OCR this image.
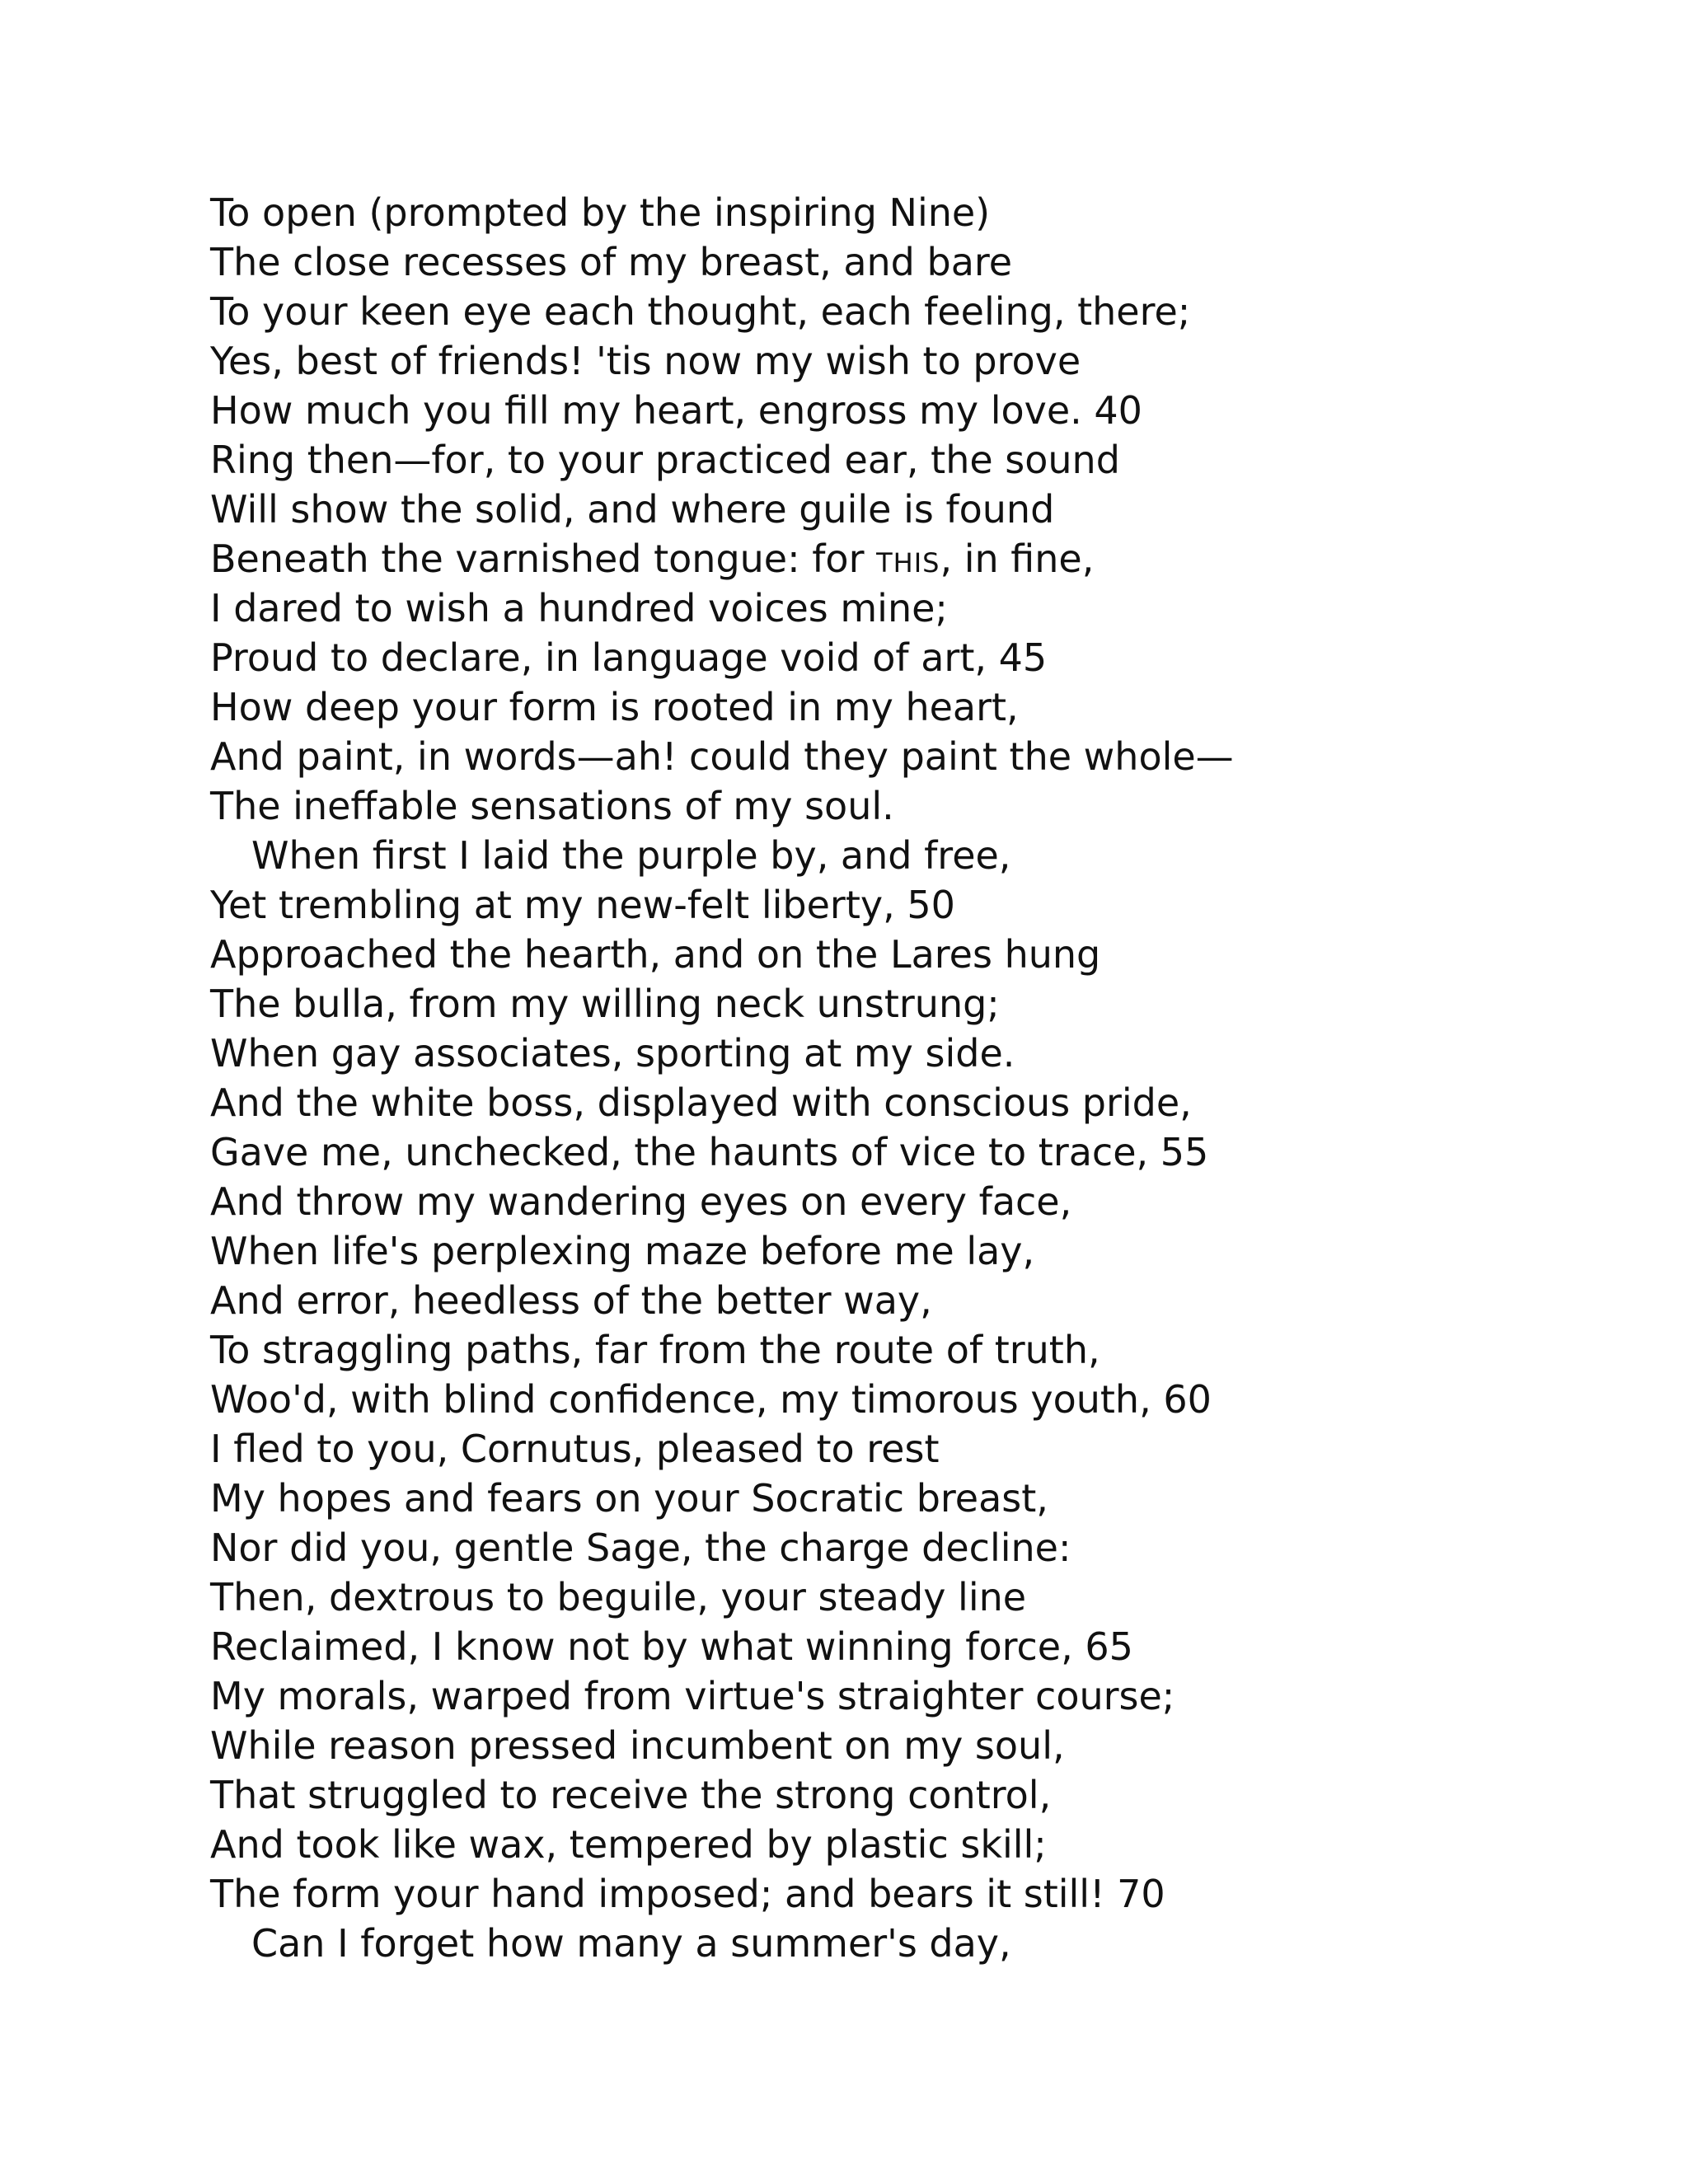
To open (prompted by the inspiring Nine)
The close recesses of my breast, and bare
To your keen eye each thought, each feeling, there;
Yes, best of friends! 'tis now my wish to prove
How much you fill my heart, engross my love. 40
Ring then—for, to your practiced ear, the sound
Will show the solid, and where guile is found
Beneath the varnished tongue: for THIS, in fine,
I dared to wish a hundred voices mine;
Proud to declare, in language void of art, 45
How deep your form is rooted in my heart,
And paint, in words—ah! could they paint the whole—
The ineffable sensations of my soul.
When first I laid the purple by, and free,
Yet trembling at my new-felt liberty, 50
Approached the hearth, and on the Lares hung
The bulla, from my willing neck unstrung;
When gay associates, sporting at my side.
And the white boss, displayed with conscious pride,
Gave me, unchecked, the haunts of vice to trace, 55
And throw my wandering eyes on every face,
When life's perplexing maze before me lay,
And error, heedless of the better way,
To straggling paths, far from the route of truth,
Woo'd, with blind confidence, my timorous youth, 60
I fled to you, Cornutus, pleased to rest
My hopes and fears on your Socratic breast,
Nor did you, gentle Sage, the charge decline:
Then, dextrous to beguile, your steady line
Reclaimed, I know not by what winning force, 65
My morals, warped from virtue's straighter course;
While reason pressed incumbent on my soul,
That struggled to receive the strong control,
And took like wax, tempered by plastic skill;
The form your hand imposed; and bears it still! 70
Can I forget how many a summer's day,
